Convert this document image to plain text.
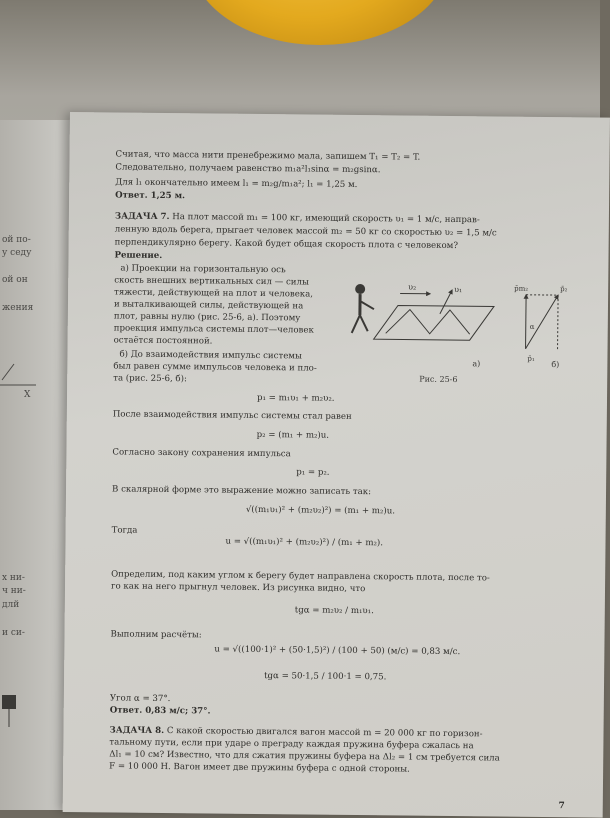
ой по-
у седу
ой он
жения
X
х ни-
ч ни-
длй
и си-
Считая, что масса нити пренебрежимо мала, запишем T₁ = T₂ = T.
Следовательно, получаем равенство m₁a²l₁sinα = m₂gsinα.
Для l₁ окончательно имеем l₁ = m₂g/m₁a²; l₁ = 1,25 м.
Ответ. 1,25 м.
ЗАДАЧА 7. На плот массой m₁ = 100 кг, имеющий скорость υ₁ = 1 м/с, направ-
ленную вдоль берега, прыгает человек массой m₂ = 50 кг со скоростью υ₂ = 1,5 м/с
перпендикулярно берегу. Какой будет общая скорость плота с человеком?
Решение.
а) Проекции на горизонтальную ось
скость внешних вертикальных сил — силы
тяжести, действующей на плот и человека,
и выталкивающей силы, действующей на
плот, равны нулю (рис. 25-6, а). Поэтому
проекция импульса системы плот—человек
остаётся постоянной.
б) До взаимодействия импульс системы
был равен сумме импульсов человека и пло-
та (рис. 25-6, б):
υ₂	υ₁
а)
p̄m₂	p̄₂
α
p̄₁
б)
Рис. 25-6
p₁ = m₁υ₁ + m₂υ₂.
После взаимодействия импульс системы стал равен
p₂ = (m₁ + m₂)u.
Согласно закону сохранения импульса
p₁ = p₂.
В скалярной форме это выражение можно записать так:
√((m₁υ₁)² + (m₂υ₂)²) = (m₁ + m₂)u.
Тогда
u = √((m₁υ₁)² + (m₂υ₂)²) / (m₁ + m₂).
Определим, под каким углом к берегу будет направлена скорость плота, после то-
го как на него прыгнул человек. Из рисунка видно, что
tgα = m₂υ₂ / m₁υ₁.
Выполним расчёты:
u = √((100·1)² + (50·1,5)²) / (100 + 50) (м/с) = 0,83 м/с.
tgα = 50·1,5 / 100·1 = 0,75.
Угол α = 37°.
Ответ. 0,83 м/с; 37°.
ЗАДАЧА 8. С какой скоростью двигался вагон массой m = 20 000 кг по горизон-
тальному пути, если при ударе о преграду каждая пружина буфера сжалась на
Δl₁ = 10 см? Известно, что для сжатия пружины буфера на Δl₂ = 1 см требуется сила
F = 10 000 Н. Вагон имеет две пружины буфера с одной стороны.
7
